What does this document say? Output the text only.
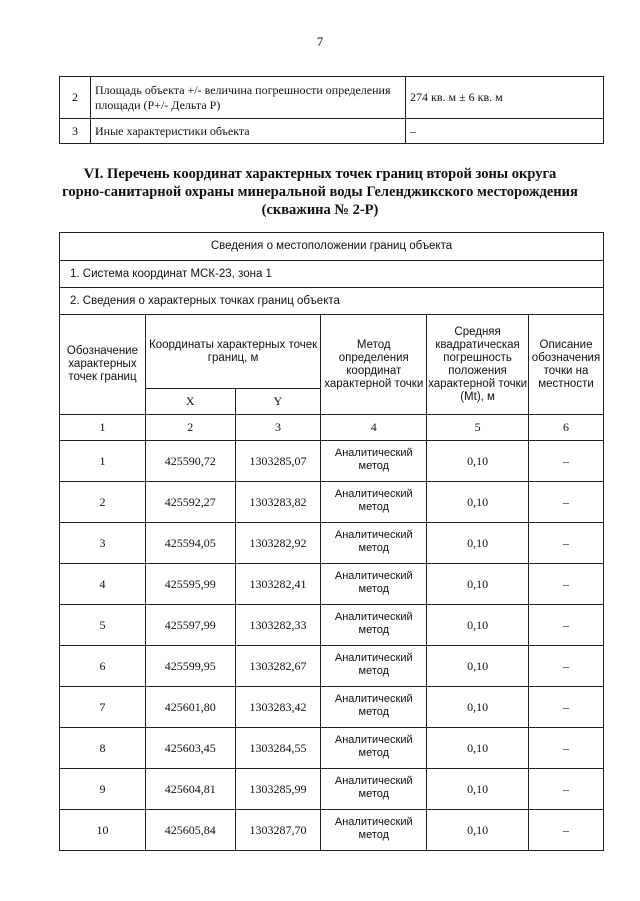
7
2	Площадь объекта +/- величина погрешности определения площади (P+/- Дельта P)	274 кв. м ± 6 кв. м
3	Иные характеристики объекта	–
VI. Перечень координат характерных точек границ второй зоны округа
горно-санитарной охраны минеральной воды Геленджикского месторождения
(скважина № 2-Р)
Сведения о местоположении границ объекта					
1. Система координат МСК-23, зона 1					
2. Сведения о характерных точках границ объекта					
Обозначение характерных точек границ	Координаты характерных точек границ, м		Метод определения координат характерной точки	Средняя квадратическая погрешность положения характерной точки (Mt), м	Описание обозначения точки на местности
	X	Y			
1	2	3	4	5	6
1	425590,72	1303285,07	Аналитический метод	0,10	–
2	425592,27	1303283,82	Аналитический метод	0,10	–
3	425594,05	1303282,92	Аналитический метод	0,10	–
4	425595,99	1303282,41	Аналитический метод	0,10	–
5	425597,99	1303282,33	Аналитический метод	0,10	–
6	425599,95	1303282,67	Аналитический метод	0,10	–
7	425601,80	1303283,42	Аналитический метод	0,10	–
8	425603,45	1303284,55	Аналитический метод	0,10	–
9	425604,81	1303285,99	Аналитический метод	0,10	–
10	425605,84	1303287,70	Аналитический метод	0,10	–
